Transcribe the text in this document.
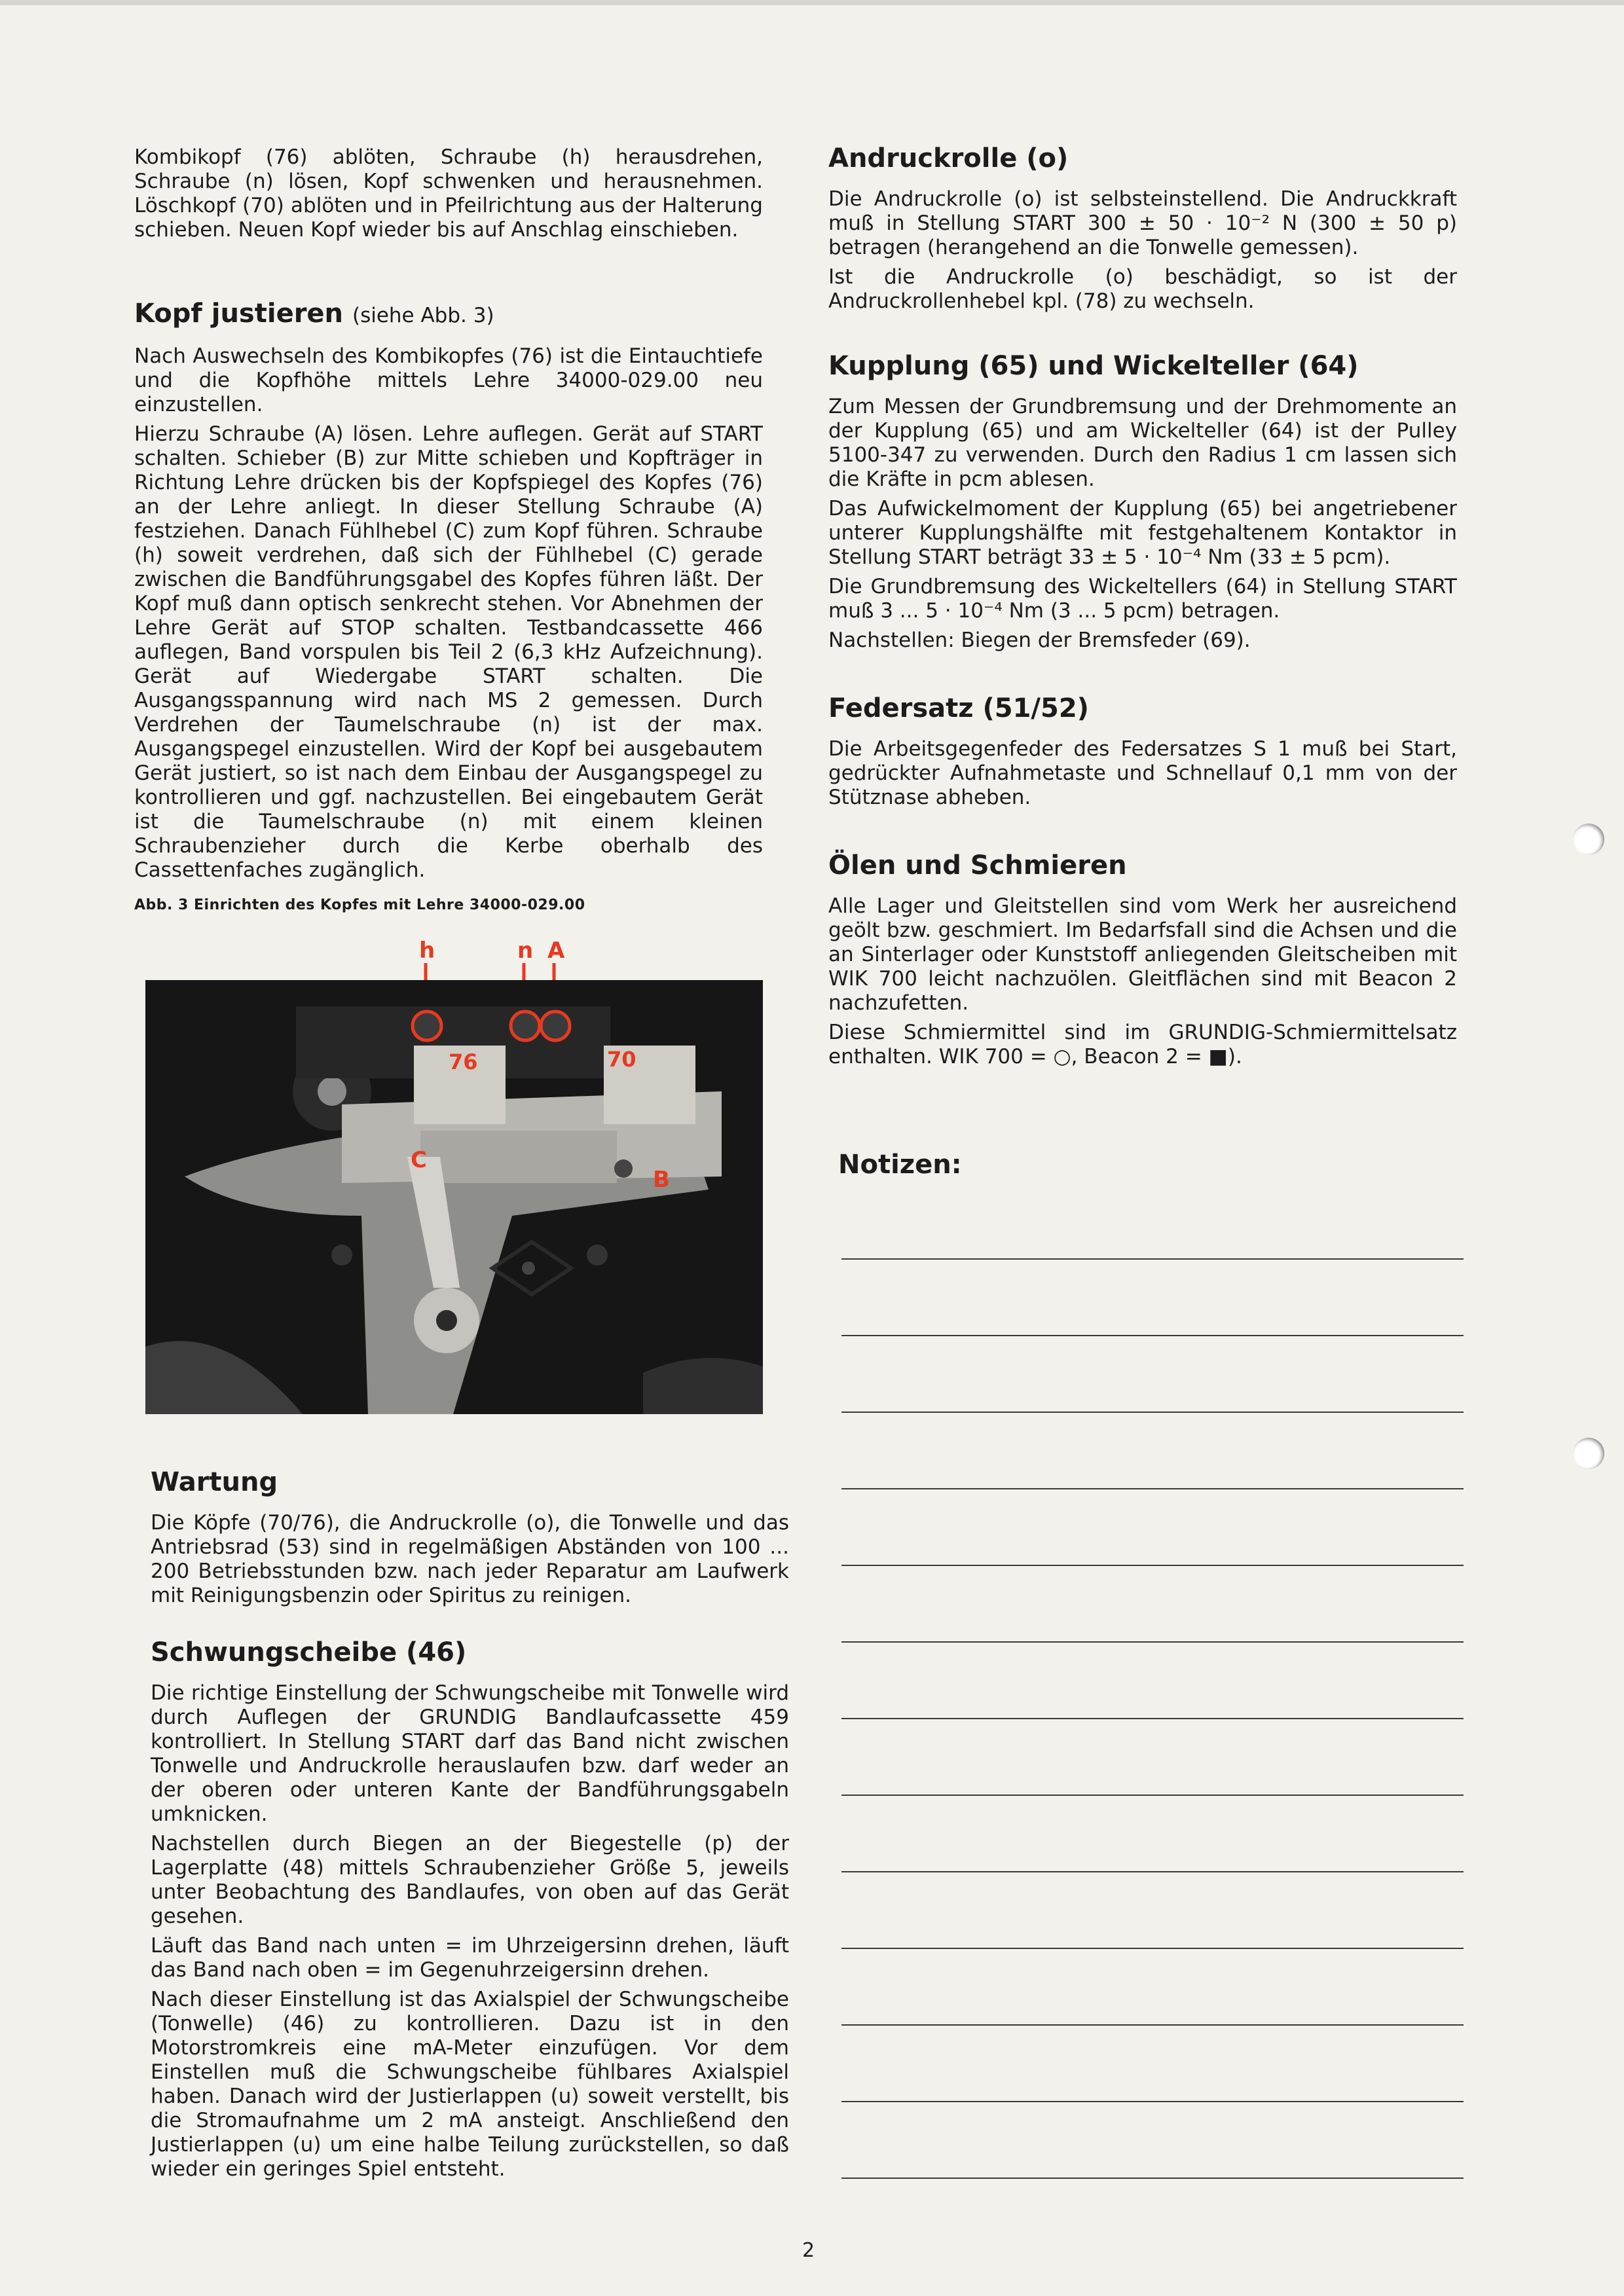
Kombikopf (76) ablöten, Schraube (h) herausdrehen, Schraube (n) lösen, Kopf schwenken und herausnehmen. Löschkopf (70) ablöten und in Pfeilrichtung aus der Halterung schieben. Neuen Kopf wieder bis auf Anschlag einschieben.

Kopf justieren (siehe Abb. 3)

Nach Auswechseln des Kombikopfes (76) ist die Eintauchtiefe und die Kopfhöhe mittels Lehre 34000-029.00 neu einzustellen.

Hierzu Schraube (A) lösen. Lehre auflegen. Gerät auf START schalten. Schieber (B) zur Mitte schieben und Kopfträger in Richtung Lehre drücken bis der Kopfspiegel des Kopfes (76) an der Lehre anliegt. In dieser Stellung Schraube (A) festziehen. Danach Fühlhebel (C) zum Kopf führen. Schraube (h) soweit verdrehen, daß sich der Fühlhebel (C) gerade zwischen die Bandführungsgabel des Kopfes führen läßt. Der Kopf muß dann optisch senkrecht stehen. Vor Abnehmen der Lehre Gerät auf STOP schalten. Testbandcassette 466 auflegen, Band vorspulen bis Teil 2 (6,3 kHz Aufzeichnung). Gerät auf Wiedergabe START schalten. Die Ausgangsspannung wird nach MS 2 gemessen. Durch Verdrehen der Taumelschraube (n) ist der max. Ausgangspegel einzustellen. Wird der Kopf bei ausgebautem Gerät justiert, so ist nach dem Einbau der Ausgangspegel zu kontrollieren und ggf. nachzustellen. Bei eingebautem Gerät ist die Taumelschraube (n) mit einem kleinen Schraubenzieher durch die Kerbe oberhalb des Cassettenfaches zugänglich.

Abb. 3 Einrichten des Kopfes mit Lehre 34000-029.00
Wartung

Die Köpfe (70/76), die Andruckrolle (o), die Tonwelle und das Antriebsrad (53) sind in regelmäßigen Abständen von 100 ... 200 Betriebsstunden bzw. nach jeder Reparatur am Laufwerk mit Reinigungsbenzin oder Spiritus zu reinigen.

Schwungscheibe (46)

Die richtige Einstellung der Schwungscheibe mit Tonwelle wird durch Auflegen der GRUNDIG Bandlaufcassette 459 kontrolliert. In Stellung START darf das Band nicht zwischen Tonwelle und Andruckrolle herauslaufen bzw. darf weder an der oberen oder unteren Kante der Bandführungsgabeln umknicken.

Nachstellen durch Biegen an der Biegestelle (p) der Lagerplatte (48) mittels Schraubenzieher Größe 5, jeweils unter Beobachtung des Bandlaufes, von oben auf das Gerät gesehen.

Läuft das Band nach unten = im Uhrzeigersinn drehen, läuft das Band nach oben = im Gegenuhrzeigersinn drehen.

Nach dieser Einstellung ist das Axialspiel der Schwungscheibe (Tonwelle) (46) zu kontrollieren. Dazu ist in den Motorstromkreis eine mA-Meter einzufügen. Vor dem Einstellen muß die Schwungscheibe fühlbares Axialspiel haben. Danach wird der Justierlappen (u) soweit verstellt, bis die Stromaufnahme um 2 mA ansteigt. Anschließend den Justierlappen (u) um eine halbe Teilung zurückstellen, so daß wieder ein geringes Spiel entsteht.

h	n A
76	70
C
B
Andruckrolle (o)

Die Andruckrolle (o) ist selbsteinstellend. Die Andruckkraft muß in Stellung START 300 ± 50 · 10⁻² N (300 ± 50 p) betragen (herangehend an die Tonwelle gemessen).

Ist die Andruckrolle (o) beschädigt, so ist der Andruckrollenhebel kpl. (78) zu wechseln.

Kupplung (65) und Wickelteller (64)

Zum Messen der Grundbremsung und der Drehmomente an der Kupplung (65) und am Wickelteller (64) ist der Pulley 5100-347 zu verwenden. Durch den Radius 1 cm lassen sich die Kräfte in pcm ablesen.

Das Aufwickelmoment der Kupplung (65) bei angetriebener unterer Kupplungshälfte mit festgehaltenem Kontaktor in Stellung START beträgt 33 ± 5 · 10⁻⁴ Nm (33 ± 5 pcm).

Die Grundbremsung des Wickeltellers (64) in Stellung START muß 3 ... 5 · 10⁻⁴ Nm (3 ... 5 pcm) betragen.

Nachstellen: Biegen der Bremsfeder (69).

Federsatz (51/52)

Die Arbeitsgegenfeder des Federsatzes S 1 muß bei Start, gedrückter Aufnahmetaste und Schnellauf 0,1 mm von der Stütznase abheben.

Ölen und Schmieren

Alle Lager und Gleitstellen sind vom Werk her ausreichend geölt bzw. geschmiert. Im Bedarfsfall sind die Achsen und die an Sinterlager oder Kunststoff anliegenden Gleitscheiben mit WIK 700 leicht nachzuölen. Gleitflächen sind mit Beacon 2 nachzufetten.

Diese Schmiermittel sind im GRUNDIG-Schmiermittelsatz enthalten. WIK 700 = ○, Beacon 2 = ■).

Notizen:
2
